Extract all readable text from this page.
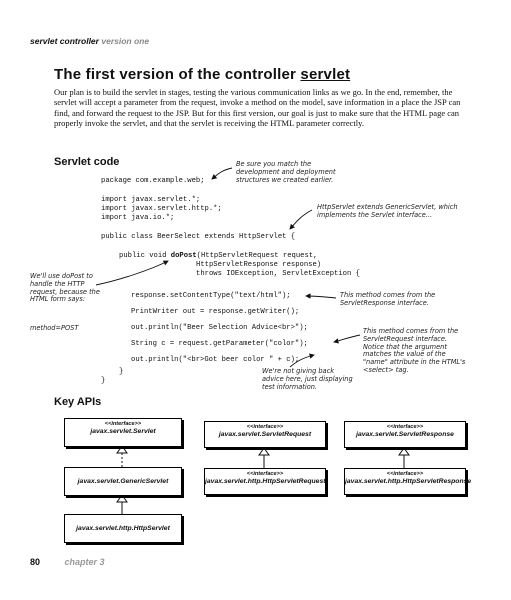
servlet controller version one
The first version of the controller servlet
Our plan is to build the servlet in stages, testing the various communication links as we go. In the end, remember, the servlet will accept a parameter from the request, invoke a method on the model, save information in a place the JSP can find, and forward the request to the JSP. But for this first version, our goal is just to make sure that the HTML page can properly invoke the servlet, and that the servlet is receiving the HTML parameter correctly.
Servlet code
package com.example.web;
import javax.servlet.*;
import javax.servlet.http.*;
import java.io.*;
public class BeerSelect extends HttpServlet {
public void doPost(HttpServletRequest request,
HttpServletResponse response)
throws IOException, ServletException {
response.setContentType("text/html");
PrintWriter out = response.getWriter();
out.println("Beer Selection Advice<br>");
String c = request.getParameter("color");
out.println("<br>Got beer color " + c);
}
}
Be sure you match the development and deployment structures we created earlier.
HttpServlet extends GenericServlet, which implements the Servlet interface...
We'll use doPost to handle the HTTP request, because the HTML form says:
method=POST
This method comes from the ServletResponse interface.
This method comes from the ServletRequest interface. Notice that the argument matches the value of the "name" attribute in the HTML's <select> tag.
We're not giving back advice here, just displaying test information.
Key APIs
<<interface>>
javax.servlet.Servlet
javax.servlet.GenericServlet
javax.servlet.http.HttpServlet
<<interface>>
javax.servlet.ServletRequest
<<interface>>
javax.servlet.http.HttpServletRequest
<<interface>>
javax.servlet.ServletResponse
<<interface>>
javax.servlet.http.HttpServletResponse
80	chapter 3
